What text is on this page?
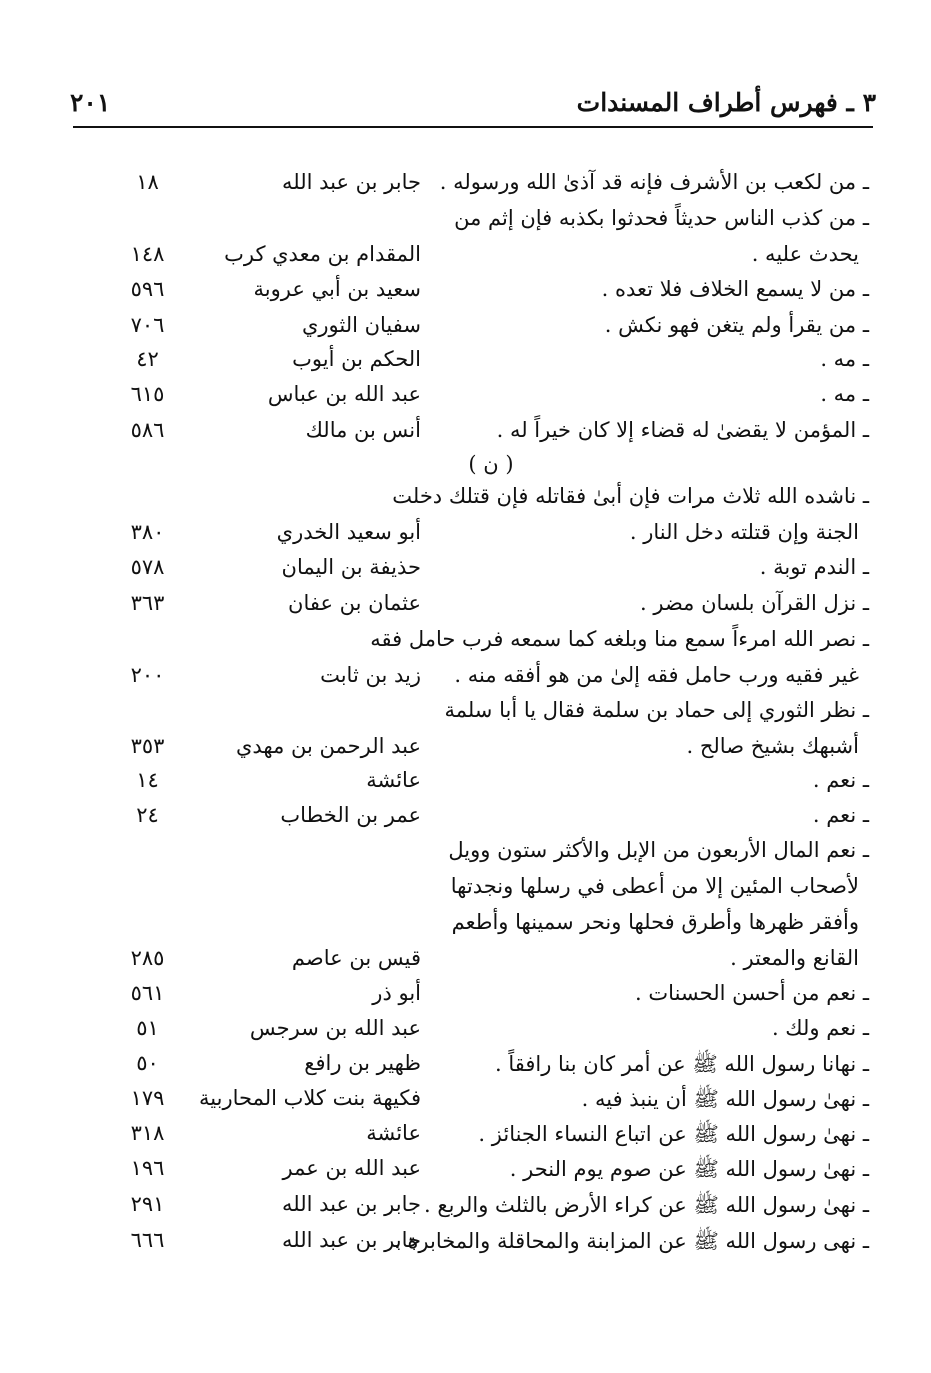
٣ ـ فهرس أطراف المسندات
٢٠١
ـ من لكعب بن الأشرف فإنه قد آذىٰ الله ورسوله .
جابر بن عبد الله
١٨
ـ من كذب الناس حديثاً فحدثوا بكذبه فإن إثم من
يحدث عليه .
المقدام بن معدي كرب
١٤٨
ـ من لا يسمع الخلاف فلا تعده .
سعيد بن أبي عروبة
٥٩٦
ـ من يقرأ ولم يتغن فهو نكش .
سفيان الثوري
٧٠٦
ـ مه .
الحكم بن أيوب
٤٢
ـ مه .
عبد الله بن عباس
٦١٥
ـ المؤمن لا يقضىٰ له قضاء إلا كان خيراً له .
أنس بن مالك
٥٨٦
( ن )
ـ ناشده الله ثلاث مرات فإن أبىٰ فقاتله فإن قتلك دخلت
الجنة وإن قتلته دخل النار .
أبو سعيد الخدري
٣٨٠
ـ الندم توبة .
حذيفة بن اليمان
٥٧٨
ـ نزل القرآن بلسان مضر .
عثمان بن عفان
٣٦٣
ـ نصر الله امرءاً سمع منا وبلغه كما سمعه فرب حامل فقه
غير فقيه ورب حامل فقه إلىٰ من هو أفقه منه .
زيد بن ثابت
٢٠٠
ـ نظر الثوري إلى حماد بن سلمة فقال يا أبا سلمة
أشبهك بشيخ صالح .
عبد الرحمن بن مهدي
٣٥٣
ـ نعم .
عائشة
١٤
ـ نعم .
عمر بن الخطاب
٢٤
ـ نعم المال الأربعون من الإبل والأكثر ستون وويل
لأصحاب المئين إلا من أعطى في رسلها ونجدتها
وأفقر ظهرها وأطرق فحلها ونحر سمينها وأطعم
القانع والمعتر .
قيس بن عاصم
٢٨٥
ـ نعم من أحسن الحسنات .
أبو ذر
٥٦١
ـ نعم ولك .
عبد الله بن سرجس
٥١
ـ نهانا رسول الله ﷺ عن أمر كان بنا رافقاً .
ظهير بن رافع
٥٠
ـ نهىٰ رسول الله ﷺ أن ينبذ فيه .
فكيهة بنت كلاب المحاربية
١٧٩
ـ نهىٰ رسول الله ﷺ عن اتباع النساء الجنائز .
عائشة
٣١٨
ـ نهىٰ رسول الله ﷺ عن صوم يوم النحر .
عبد الله بن عمر
١٩٦
ـ نهىٰ رسول الله ﷺ عن كراء الأرض بالثلث والربع .
جابر بن عبد الله
٢٩١
ـ نهى رسول الله ﷺ عن المزابنة والمحاقلة والمخابرة .
جابر بن عبد الله
٦٦٦
